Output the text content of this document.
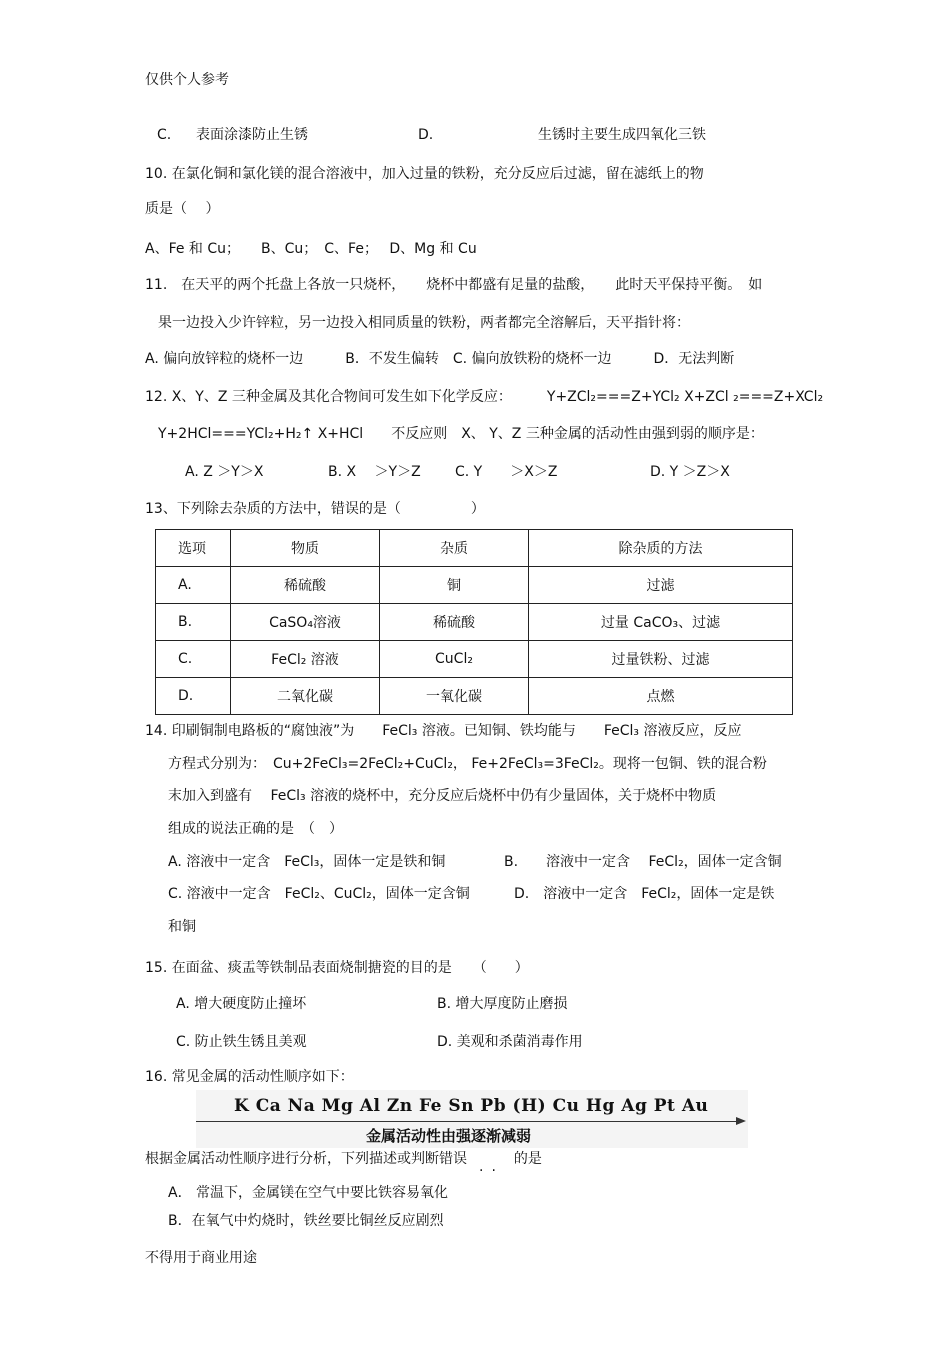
仅供个人参考
C. 表面涂漆防止生锈	D.	生锈时主要生成四氧化三铁
10. 在氯化铜和氯化镁的混合溶液中，加入过量的铁粉，充分反应后过滤，留在滤纸上的物
质是（　 ）
A、Fe 和 Cu；　　B、Cu；　C、Fe；　 D、Mg 和 Cu
11.　在天平的两个托盘上各放一只烧杯，　　烧杯中都盛有足量的盐酸，　　此时天平保持平衡。　如
果一边投入少许锌粒，另一边投入相同质量的铁粉，两者都完全溶解后，天平指针将：
A. 偏向放锌粒的烧杯一边　　　B．不发生偏转　C. 偏向放铁粉的烧杯一边　　　D．无法判断
12. X、Y、Z 三种金属及其化合物间可发生如下化学反应：　　　Y+ZCl₂===Z+YCl₂ X+ZCl ₂===Z+XCl₂
Y+2HCl===YCl₂+H₂↑ X+HCl　　不反应则　X、 Y、Z 三种金属的活动性由强到弱的顺序是：
A. Z ＞Y＞X	B. X　 ＞Y＞Z C. Y　　＞X＞Z	D. Y ＞Z＞X
13、下列除去杂质的方法中，错误的是（　　　　　）
选项	物质	杂质	除杂质的方法
A.	稀硫酸	铜	过滤
B.	CaSO₄溶液	稀硫酸	过量 CaCO₃、过滤
C.	FeCl₂ 溶液	CuCl₂	过量铁粉、过滤
D.	二氧化碳	一氧化碳	点燃
14. 印刷铜制电路板的“腐蚀液”为　　FeCl₃ 溶液。已知铜、铁均能与　　FeCl₃ 溶液反应，反应
方程式分别为：　Cu+2FeCl₃=2FeCl₂+CuCl₂， Fe+2FeCl₃=3FeCl₂。现将一包铜、铁的混合粉
末加入到盛有　 FeCl₃ 溶液的烧杯中，充分反应后烧杯中仍有少量固体，关于烧杯中物质
组成的说法正确的是　（　）
A. 溶液中一定含　FeCl₃，固体一定是铁和铜	B.　　溶液中一定含　 FeCl₂，固体一定含铜
C. 溶液中一定含　FeCl₂、CuCl₂，固体一定含铜	D.　溶液中一定含　FeCl₂，固体一定是铁
和铜
15. 在面盆、痰盂等铁制品表面烧制搪瓷的目的是　　（　　）
A. 增大硬度防止撞坏	B. 增大厚度防止磨损
C. 防止铁生锈且美观	D. 美观和杀菌消毒作用
16. 常见金属的活动性顺序如下：
K Ca Na Mg Al Zn Fe Sn Pb (H) Cu Hg Ag Pt Au
金属活动性由强逐渐减弱
根据金属活动性顺序进行分析，下列描述或判断错误 .. 的是
A． 常温下，金属镁在空气中要比铁容易氧化
B．在氧气中灼烧时，铁丝要比铜丝反应剧烈
不得用于商业用途
